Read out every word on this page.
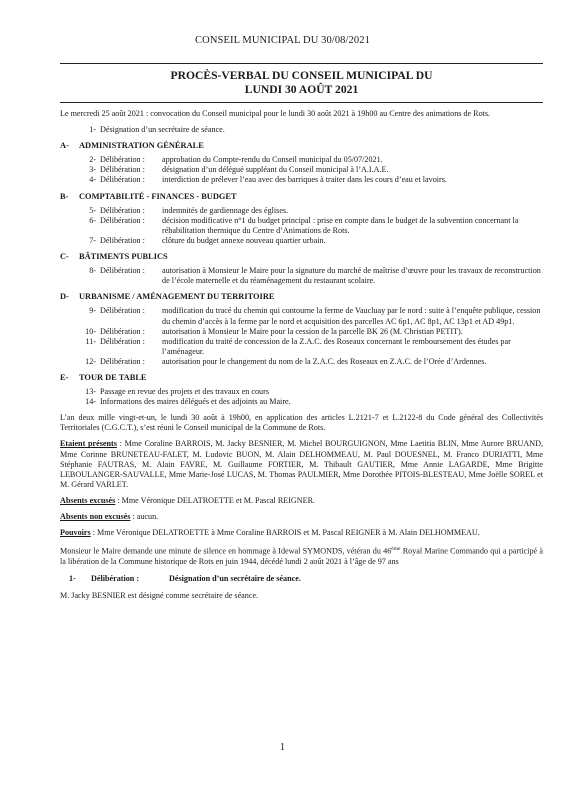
CONSEIL MUNICIPAL DU 30/08/2021
PROCÈS-VERBAL DU CONSEIL MUNICIPAL DU
LUNDI 30 AOÛT 2021

Le mercredi 25 août 2021 : convocation du Conseil municipal pour le lundi 30 août 2021 à 19h00 au Centre des animations de Rots.

1- Désignation d’un secrétaire de séance.
A-	ADMINISTRATION GÉNÉRALE
2- Délibération :	approbation du Compte-rendu du Conseil municipal du 05/07/2021.
3- Délibération :	désignation d’un délégué suppléant du Conseil municipal à l’A.I.A.E.
4- Délibération :	interdiction de prélever l’eau avec des barriques à traiter dans les cours d’eau et lavoirs.
B-	COMPTABILITÉ - FINANCES - BUDGET
5- Délibération :	indemnités de gardiennage des églises.
6- Délibération :	décision modificative n°1 du budget principal : prise en compte dans le budget de la subvention concernant la réhabilitation thermique du Centre d’Animations de Rots.
7- Délibération :	clôture du budget annexe nouveau quartier urbain.
C-	BÂTIMENTS PUBLICS
8- Délibération :	autorisation à Monsieur le Maire pour la signature du marché de maîtrise d’œuvre pour les travaux de reconstruction de l’école maternelle et du réaménagement du restaurant scolaire.
D-	URBANISME / AMÉNAGEMENT DU TERRITOIRE
9- Délibération :	modification du tracé du chemin qui contourne la ferme de Vaucluay par le nord : suite à l’enquête publique, cession du chemin d’accès à la ferme par le nord et acquisition des parcelles AC 6p1, AC 8p1, AC 13p1 et AD 49p1.
10- Délibération :	autorisation à Monsieur le Maire pour la cession de la parcelle BK 26 (M. Christian PETIT).
11- Délibération :	modification du traité de concession de la Z.A.C. des Roseaux concernant le remboursement des études par l’aménageur.
12- Délibération :	autorisation pour le changement du nom de la Z.A.C. des Roseaux en Z.A.C. de l’Orée d’Ardennes.
E-	TOUR DE TABLE
13- Passage en revue des projets et des travaux en cours
14- Informations des maires délégués et des adjoints au Maire.

L’an deux mille vingt-et-un, le lundi 30 août à 19h00, en application des articles L.2121-7 et L.2122-8 du Code général des Collectivités Territoriales (C.G.C.T.), s’est réuni le Conseil municipal de la Commune de Rots.

Etaient présents : Mme Coraline BARROIS, M. Jacky BESNIER, M. Michel BOURGUIGNON, Mme Laetitia BLIN, Mme Aurore BRUAND, Mme Corinne BRUNETEAU-FALET, M. Ludovic BUON, M. Alain DELHOMMEAU, M. Paul DOUESNEL, M. Franco DURIATTI, Mme Stéphanie FAUTRAS, M. Alain FAVRE, M. Guillaume FORTIER, M. Thibault GAUTIER, Mme Annie LAGARDE, Mme Brigitte LEBOULANGER-SAUVALLE, Mme Marie-José LUCAS, M. Thomas PAULMIER, Mme Dorothée PITOIS-BLESTEAU, Mme Joëlle SOREL et M. Gérard VARLET.

Absents excusés : Mme Véronique DELATROETTE et M. Pascal REIGNER.

Absents non excusés : aucun.

Pouvoirs : Mme Véronique DELATROETTE à Mme Coraline BARROIS et M. Pascal REIGNER à M. Alain DELHOMMEAU.

Monsieur le Maire demande une minute de silence en hommage à Idewal SYMONDS, vétéran du 46ème Royal Marine Commando qui a participé à la libération de la Commune historique de Rots en juin 1944, décédé lundi 2 août 2021 à l’âge de 97 ans

1-	Délibération :	Désignation d’un secrétaire de séance.

M. Jacky BESNIER est désigné comme secrétaire de séance.

1
